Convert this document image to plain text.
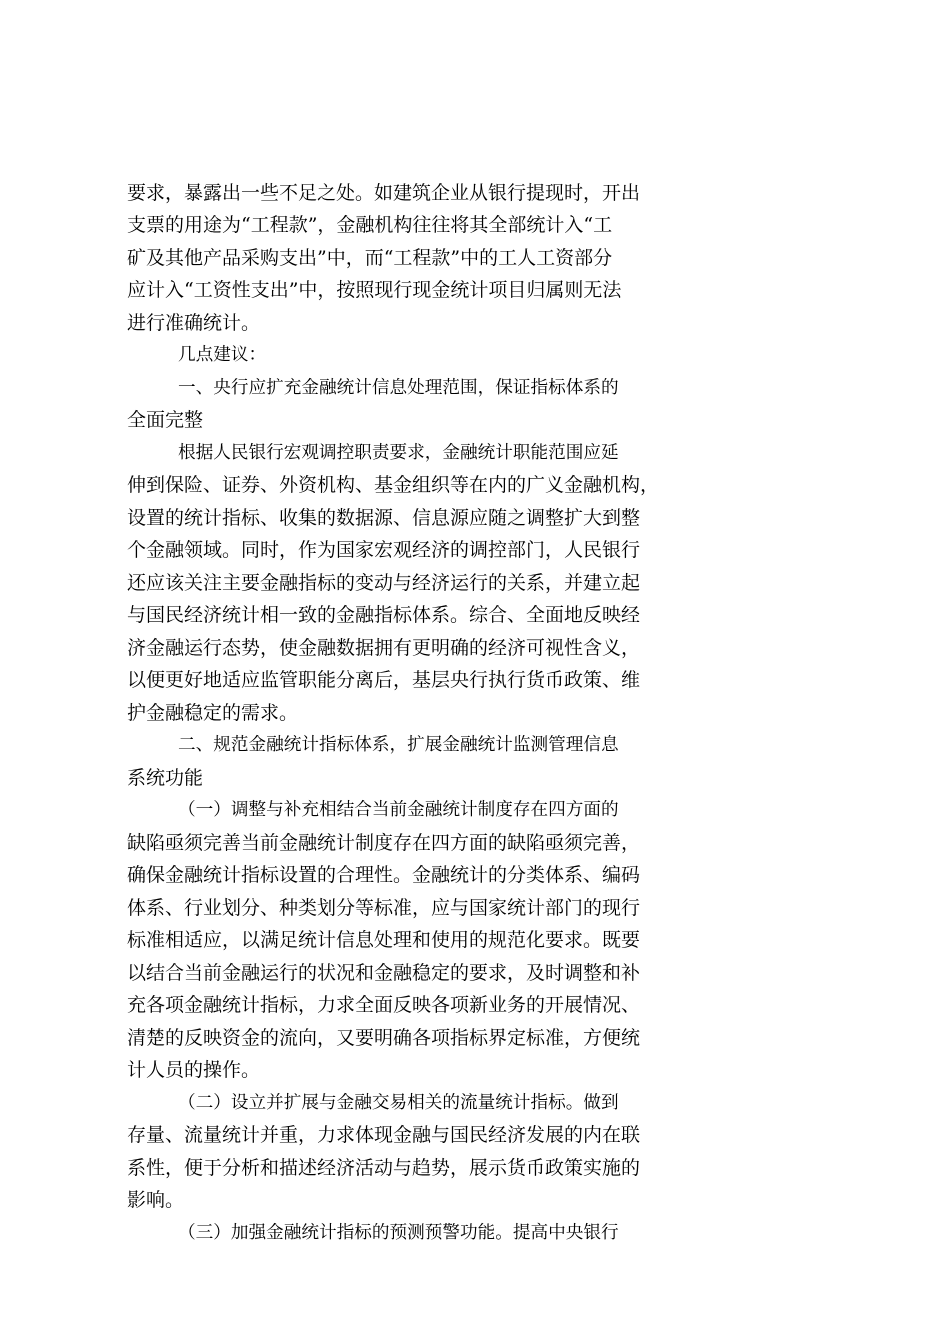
要求，暴露出一些不足之处。如建筑企业从银行提现时，开出
支票的用途为“工程款”，金融机构往往将其全部统计入“工
矿及其他产品采购支出”中，而“工程款”中的工人工资部分
应计入“工资性支出”中，按照现行现金统计项目归属则无法
进行准确统计。
几点建议：
一、央行应扩充金融统计信息处理范围，保证指标体系的
全面完整
根据人民银行宏观调控职责要求，金融统计职能范围应延
伸到保险、证券、外资机构、基金组织等在内的广义金融机构，
设置的统计指标、收集的数据源、信息源应随之调整扩大到整
个金融领域。同时，作为国家宏观经济的调控部门，人民银行
还应该关注主要金融指标的变动与经济运行的关系，并建立起
与国民经济统计相一致的金融指标体系。综合、全面地反映经
济金融运行态势，使金融数据拥有更明确的经济可视性含义，
以便更好地适应监管职能分离后，基层央行执行货币政策、维
护金融稳定的需求。
二、规范金融统计指标体系，扩展金融统计监测管理信息
系统功能
（一）调整与补充相结合当前金融统计制度存在四方面的
缺陷亟须完善当前金融统计制度存在四方面的缺陷亟须完善，
确保金融统计指标设置的合理性。金融统计的分类体系、编码
体系、行业划分、种类划分等标准，应与国家统计部门的现行
标准相适应，以满足统计信息处理和使用的规范化要求。既要
以结合当前金融运行的状况和金融稳定的要求，及时调整和补
充各项金融统计指标，力求全面反映各项新业务的开展情况、
清楚的反映资金的流向，又要明确各项指标界定标准，方便统
计人员的操作。
（二）设立并扩展与金融交易相关的流量统计指标。做到
存量、流量统计并重，力求体现金融与国民经济发展的内在联
系性，便于分析和描述经济活动与趋势，展示货币政策实施的
影响。
（三）加强金融统计指标的预测预警功能。提高中央银行
